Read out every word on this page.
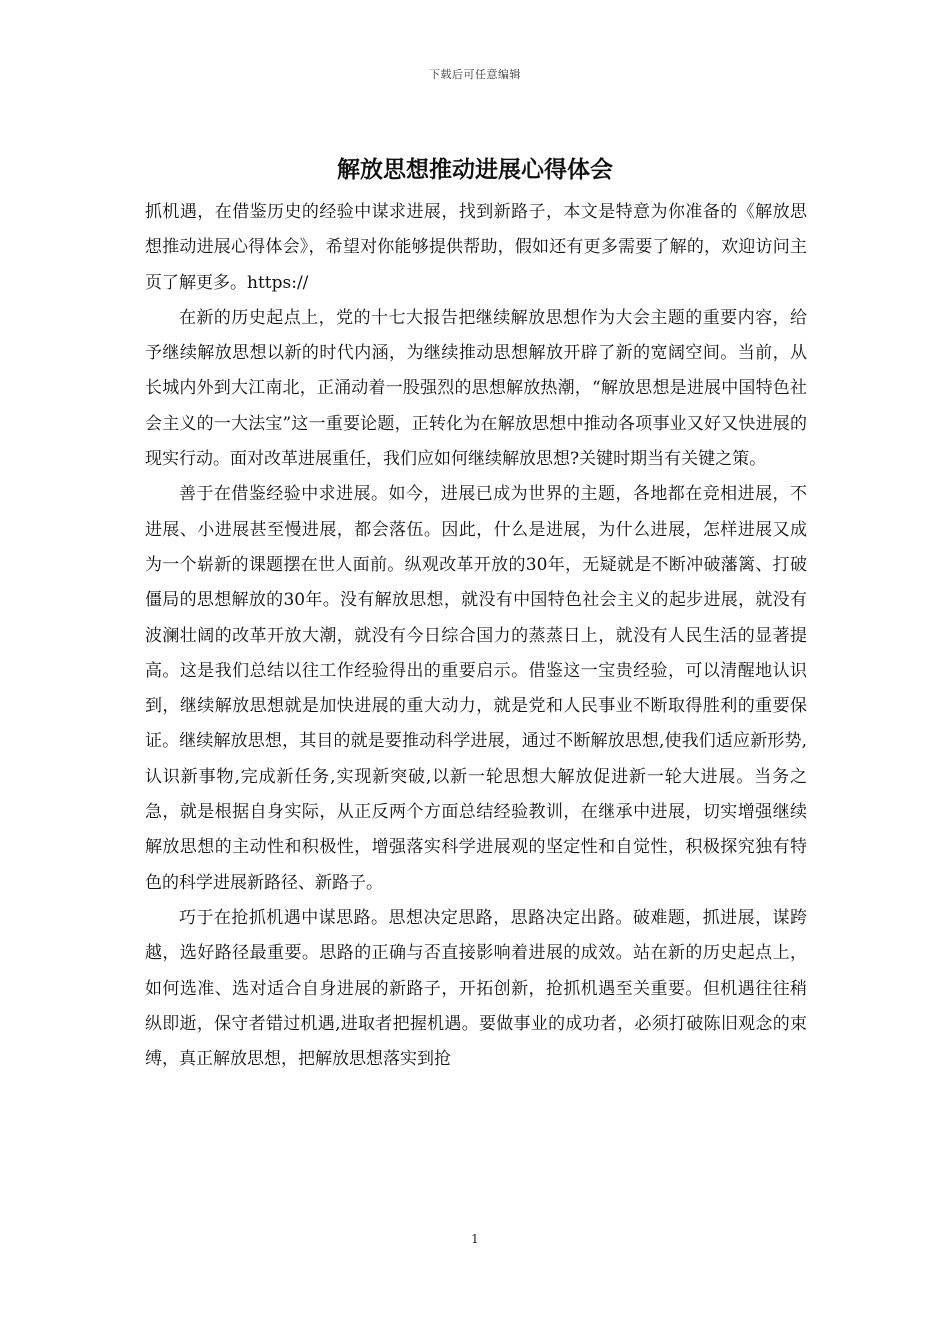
下载后可任意编辑
解放思想推动进展心得体会

抓机遇，在借鉴历史的经验中谋求进展，找到新路子，本文是特意为你准备的《解放思想推动进展心得体会》，希望对你能够提供帮助，假如还有更多需要了解的，欢迎访问主页了解更多。https://

在新的历史起点上，党的十七大报告把继续解放思想作为大会主题的重要内容，给予继续解放思想以新的时代内涵，为继续推动思想解放开辟了新的宽阔空间。当前，从长城内外到大江南北，正涌动着一股强烈的思想解放热潮，“解放思想是进展中国特色社会主义的一大法宝”这一重要论题，正转化为在解放思想中推动各项事业又好又快进展的现实行动。面对改革进展重任，我们应如何继续解放思想?关键时期当有关键之策。

善于在借鉴经验中求进展。如今，进展已成为世界的主题，各地都在竞相进展，不进展、小进展甚至慢进展，都会落伍。因此，什么是进展，为什么进展，怎样进展又成为一个崭新的课题摆在世人面前。纵观改革开放的30年，无疑就是不断冲破藩篱、打破僵局的思想解放的30年。没有解放思想，就没有中国特色社会主义的起步进展，就没有波澜壮阔的改革开放大潮，就没有今日综合国力的蒸蒸日上，就没有人民生活的显著提高。这是我们总结以往工作经验得出的重要启示。借鉴这一宝贵经验，可以清醒地认识到，继续解放思想就是加快进展的重大动力，就是党和人民事业不断取得胜利的重要保证。继续解放思想，其目的就是要推动科学进展，通过不断解放思想,使我们适应新形势,认识新事物,完成新任务,实现新突破,以新一轮思想大解放促进新一轮大进展。当务之急，就是根据自身实际，从正反两个方面总结经验教训，在继承中进展，切实增强继续解放思想的主动性和积极性，增强落实科学进展观的坚定性和自觉性，积极探究独有特色的科学进展新路径、新路子。

巧于在抢抓机遇中谋思路。思想决定思路，思路决定出路。破难题，抓进展，谋跨越，选好路径最重要。思路的正确与否直接影响着进展的成效。站在新的历史起点上，如何选准、选对适合自身进展的新路子，开拓创新，抢抓机遇至关重要。但机遇往往稍纵即逝，保守者错过机遇,进取者把握机遇。要做事业的成功者，必须打破陈旧观念的束缚，真正解放思想，把解放思想落实到抢

1
